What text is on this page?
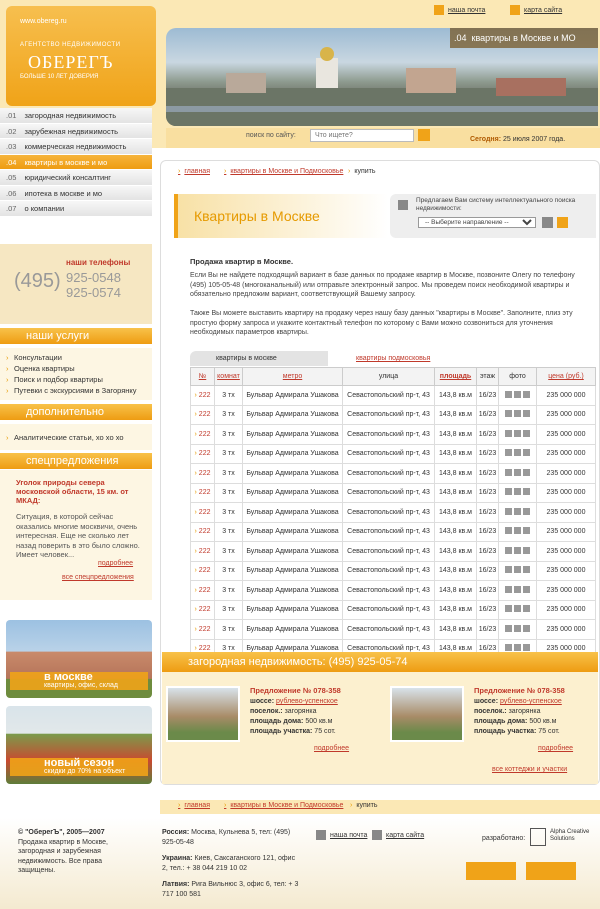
www.obereg.ru
АГЕНТСТВО НЕДВИЖИМОСТИ
ОБЕРЕГЪ
БОЛЬШЕ 10 ЛЕТ ДОВЕРИЯ
.04 квартиры в Москве и МО
наша почта	карта сайта
поиск по сайту:
Что ищете?
Сегодня: 25 июля 2007 года.
.01 загородная недвижимость
.02 зарубежная недвижимость
.03 коммерческая недвижимость
.04 квартиры в москве и мо
.05 юридический консалтинг
.06 ипотека в москве и мо
.07 о компании
наши телефоны
(495) 925-0548
925-0574
наши услуги
› Консультации
› Оценка квартиры
› Поиск и подбор квартиры
› Путевки с экскурсиями в Загорянку
дополнительно
› Аналитические статьи, хо хо хо
спецпредложения
Уголок природы севера московской области, 15 км. от МКАД:
Ситуация, в которой сейчас оказались многие москвичи, очень интересная. Еще не сколько лет назад поверить в это было сложно. Имеет человек...
подробнее
все спецпредложения
в москве
квартиры, офис, склад
новый сезон
скидки до 70% на объект
› главная	› квартиры в Москве и Подмосковье	› купить
Квартиры в Москве
Предлагаем Вам систему интеллектуального поиска недвижимости:
-- Выберите направление --
Продажа квартир в Москве.
Если Вы не найдете подходящий вариант в базе данных по продаже квартир в Москве, позвоните Олегу по телефону (495) 105-05-48 (многоканальный) или отправьте электронный запрос. Мы проведем поиск необходимой квартиры и обязательно предложим вариант, соответствующий Вашему запросу.
Также Вы можете выставить квартиру на продажу через нашу базу данных "квартиры в Москве". Заполните, плиз эту простую форму запроса и укажите контактный телефон по которому с Вами можно созвониться для уточнения необходимых параметров квартиры.
квартиры в москве	квартиры подмосковья
№	комнат	метро	улица	площадь	этаж	фото	цена (руб.)
› 222	3 тх	Бульвар Адмирала Ушакова	Севастопольский пр-т, 43	143,8 кв.м	16/23		235 000 000
› 222	3 тх	Бульвар Адмирала Ушакова	Севастопольский пр-т, 43	143,8 кв.м	16/23		235 000 000
› 222	3 тх	Бульвар Адмирала Ушакова	Севастопольский пр-т, 43	143,8 кв.м	16/23		235 000 000
› 222	3 тх	Бульвар Адмирала Ушакова	Севастопольский пр-т, 43	143,8 кв.м	16/23		235 000 000
› 222	3 тх	Бульвар Адмирала Ушакова	Севастопольский пр-т, 43	143,8 кв.м	16/23		235 000 000
› 222	3 тх	Бульвар Адмирала Ушакова	Севастопольский пр-т, 43	143,8 кв.м	16/23		235 000 000
› 222	3 тх	Бульвар Адмирала Ушакова	Севастопольский пр-т, 43	143,8 кв.м	16/23		235 000 000
› 222	3 тх	Бульвар Адмирала Ушакова	Севастопольский пр-т, 43	143,8 кв.м	16/23		235 000 000
› 222	3 тх	Бульвар Адмирала Ушакова	Севастопольский пр-т, 43	143,8 кв.м	16/23		235 000 000
› 222	3 тх	Бульвар Адмирала Ушакова	Севастопольский пр-т, 43	143,8 кв.м	16/23		235 000 000
› 222	3 тх	Бульвар Адмирала Ушакова	Севастопольский пр-т, 43	143,8 кв.м	16/23		235 000 000
› 222	3 тх	Бульвар Адмирала Ушакова	Севастопольский пр-т, 43	143,8 кв.м	16/23		235 000 000
› 222	3 тх	Бульвар Адмирала Ушакова	Севастопольский пр-т, 43	143,8 кв.м	16/23		235 000 000
› 222	3 тх	Бульвар Адмирала Ушакова	Севастопольский пр-т, 43	143,8 кв.м	16/23		235 000 000
загородная недвижимость: (495) 925-05-74
Предложение № 078-358
шоссе: рублево-успенское
поселок.: загорянка
площадь дома: 500 кв.м
площадь участка: 75 сот.
подробнее
Предложение № 078-358
шоссе: рублево-успенское
поселок.: загорянка
площадь дома: 500 кв.м
площадь участка: 75 сот.
подробнее
все коттеджи и участки
› главная	› квартиры в Москве и Подмосковье	› купить
© "ОберегЪ", 2005—2007
Продажа квартир в Москве, загородная и зарубежная недвижимость. Все права защищены.
Россия: Москва, Кульнева 5, тел: (495) 925-05-48
Украина: Киев, Саксаганского 121, офис 2, тел.: + 38 044 219 10 02
Латвия: Рига Вильнюс 3, офис 6, тел: + 3 717 100 581
наша почта	карта сайта	разработано:
Alpha Creative Solutions
